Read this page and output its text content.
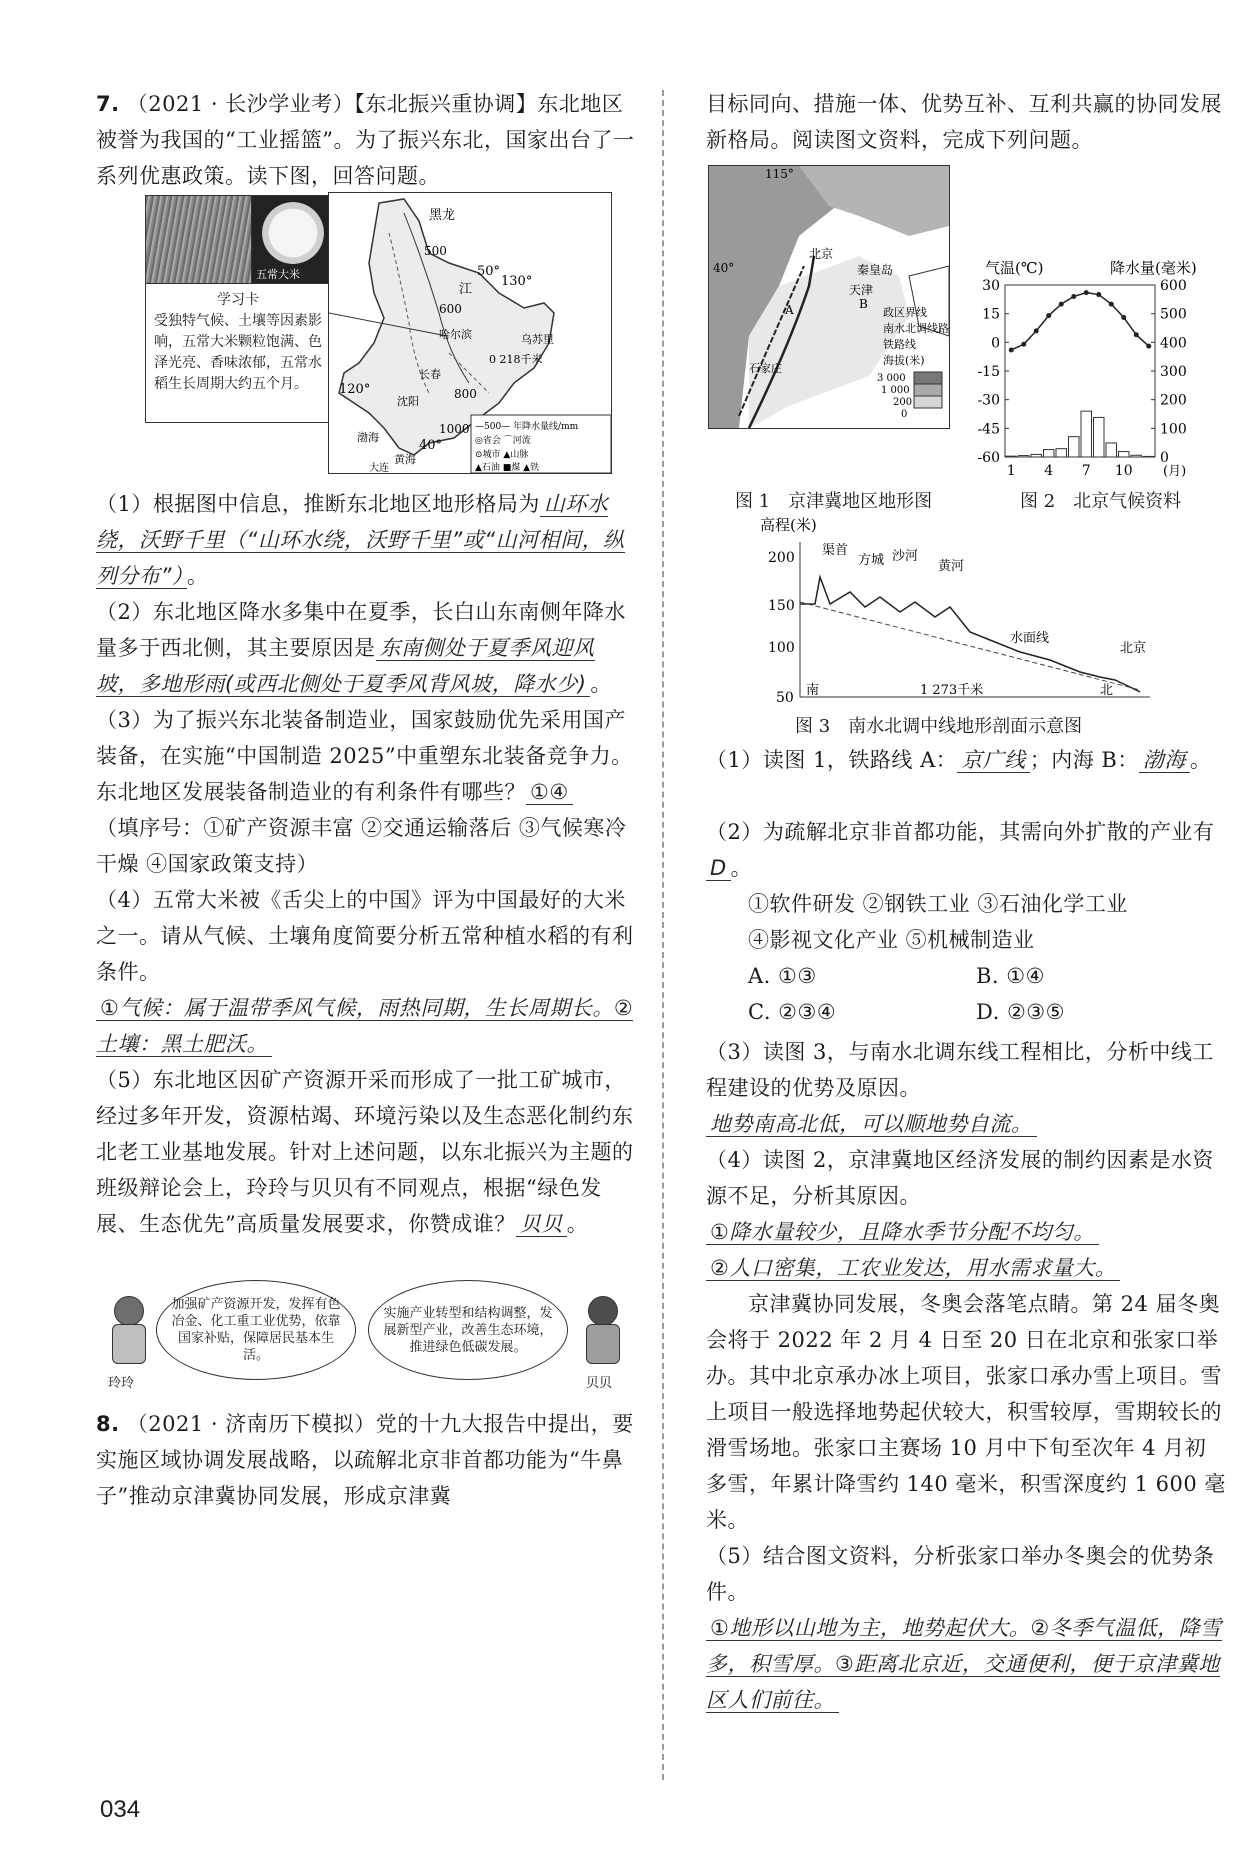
7. （2021 · 长沙学业考）【东北振兴重协调】东北地区被誉为我国的“工业摇篮”。为了振兴东北，国家出台了一系列优惠政策。读下图，回答问题。
五常大米
学习卡
受独特气候、土壤等因素影响，五常大米颗粒饱满、色泽光亮、香味浓郁，五常水稻生长周期大约五个月。
黑龙
50°
130°
500
江
600
哈尔滨	乌苏里
0 218千米
长春
120°	800
沈阳
1000
40°
渤海
黄海
大连
—500— 年降水量线/mm
◎省会 ⌒河流
⊙城市 ▲山脉
▲石油 ■煤 ▲铁
（1）根据图中信息，推断东北地区地形格局为 山环水绕，沃野千里（“山环水绕，沃野千里”或“山河相间，纵列分布”） 。
（2）东北地区降水多集中在夏季，长白山东南侧年降水量多于西北侧，其主要原因是 东南侧处于夏季风迎风坡，多地形雨(或西北侧处于夏季风背风坡，降水少) 。
（3）为了振兴东北装备制造业，国家鼓励优先采用国产装备，在实施“中国制造 2025”中重塑东北装备竞争力。东北地区发展装备制造业的有利条件有哪些？ ①④
（填序号：①矿产资源丰富 ②交通运输落后 ③气候寒冷干燥 ④国家政策支持）
（4）五常大米被《舌尖上的中国》评为中国最好的大米之一。请从气候、土壤角度简要分析五常种植水稻的有利条件。
①气候：属于温带季风气候，雨热同期，生长周期长。②土壤：黑土肥沃。
（5）东北地区因矿产资源开采而形成了一批工矿城市，经过多年开发，资源枯竭、环境污染以及生态恶化制约东北老工业基地发展。针对上述问题，以东北振兴为主题的班级辩论会上，玲玲与贝贝有不同观点，根据“绿色发展、生态优先”高质量发展要求，你赞成谁？ 贝贝 。
玲玲
加强矿产资源开发，发挥有色冶金、化工重工业优势，依靠国家补贴，保障居民基本生活。
实施产业转型和结构调整，发展新型产业，改善生态环境，推进绿色低碳发展。
贝贝
8. （2021 · 济南历下模拟）党的十九大报告中提出，要实施区域协调发展战略，以疏解北京非首都功能为“牛鼻子”推动京津冀协同发展，形成京津冀
034
目标同向、措施一体、优势互补、互利共赢的协同发展新格局。阅读图文资料，完成下列问题。
115°
40°
北京
秦皇岛
天津
B
A
石家庄
政区界线
南水北调线路
铁路线
海拔(米)
3 000
1 000
200
0
图 1　京津冀地区地形图
气温(℃)	降水量(毫米)
30
15
0
-15
-30
-45
-60
600
500
400
300
200
100
0
1 4 7 10 (月)
图 2　北京气候资料
高程(米)
200
150
100
50
渠首
方城 沙河
黄河
水面线
北京
南	1 273千米	北
图 3　南水北调中线地形剖面示意图
（1）读图 1，铁路线 A： 京广线 ；内海 B： 渤海 。
（2）为疏解北京非首都功能，其需向外扩散的产业有D 。
①软件研发 ②钢铁工业 ③石油化学工业
④影视文化产业 ⑤机械制造业
A. ①③	B. ①④
C. ②③④	D. ②③⑤
（3）读图 3，与南水北调东线工程相比，分析中线工程建设的优势及原因。
地势南高北低，可以顺地势自流。
（4）读图 2，京津冀地区经济发展的制约因素是水资源不足，分析其原因。
①降水量较少，且降水季节分配不均匀。
②人口密集，工农业发达，用水需求量大。
京津冀协同发展，冬奥会落笔点睛。第 24 届冬奥会将于 2022 年 2 月 4 日至 20 日在北京和张家口举办。其中北京承办冰上项目，张家口承办雪上项目。雪上项目一般选择地势起伏较大，积雪较厚，雪期较长的滑雪场地。张家口主赛场 10 月中下旬至次年 4 月初多雪，年累计降雪约 140 毫米，积雪深度约 1 600 毫米。
（5）结合图文资料，分析张家口举办冬奥会的优势条件。
①地形以山地为主，地势起伏大。②冬季气温低，降雪多，积雪厚。③距离北京近，交通便利，便于京津冀地区人们前往。
